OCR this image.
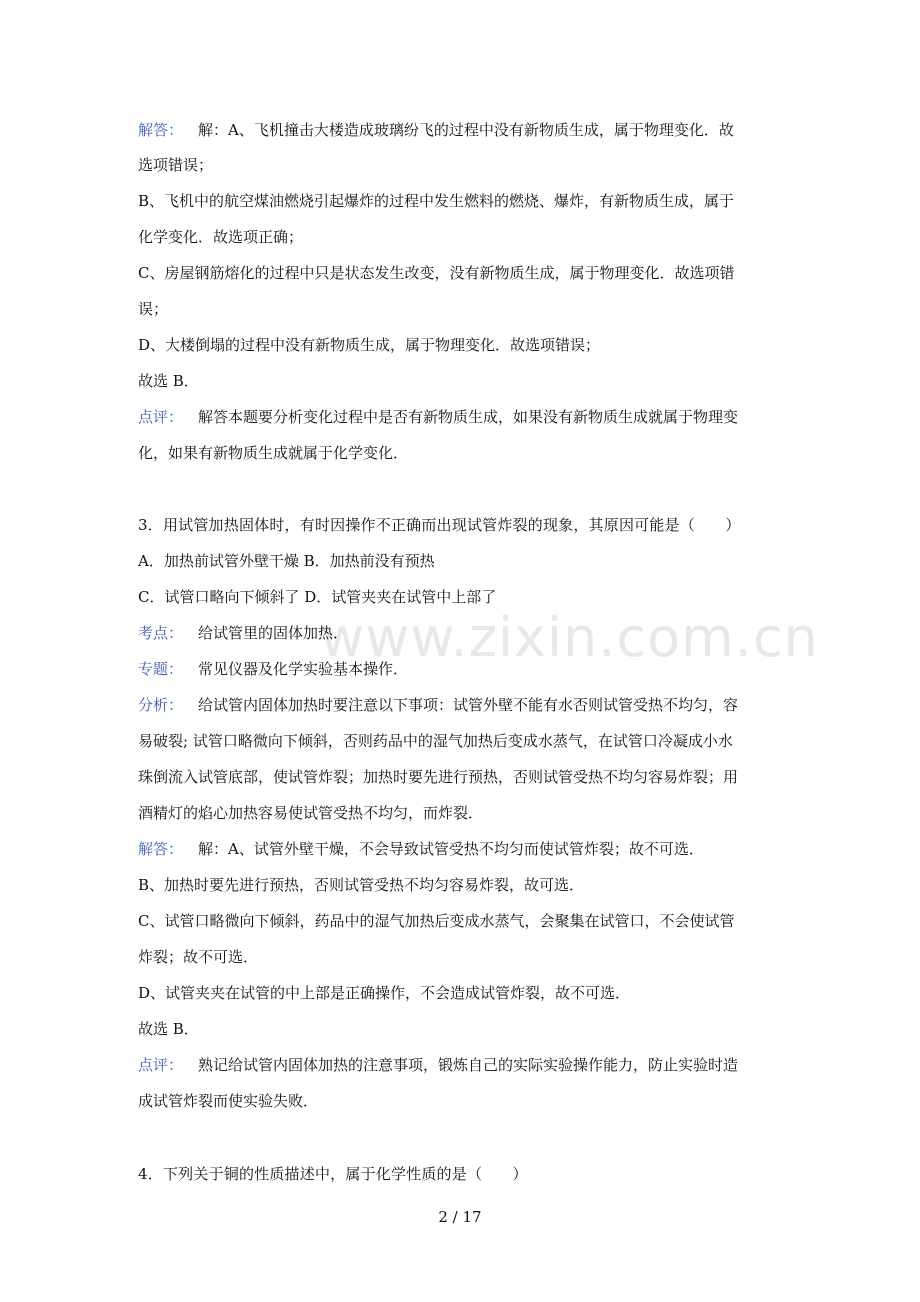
www.zixin.com.cn
解答： 解：A、飞机撞击大楼造成玻璃纷飞的过程中没有新物质生成，属于物理变化．故
选项错误；
B、飞机中的航空煤油燃烧引起爆炸的过程中发生燃料的燃烧、爆炸，有新物质生成，属于
化学变化．故选项正确；
C、房屋钢筋熔化的过程中只是状态发生改变，没有新物质生成，属于物理变化．故选项错
误；
D、大楼倒塌的过程中没有新物质生成，属于物理变化．故选项错误；
故选 B．
点评： 解答本题要分析变化过程中是否有新物质生成，如果没有新物质生成就属于物理变
化，如果有新物质生成就属于化学变化．
3．用试管加热固体时，有时因操作不正确而出现试管炸裂的现象，其原因可能是（　　）
A．加热前试管外壁干燥 B．加热前没有预热
C．试管口略向下倾斜了 D．试管夹夹在试管中上部了
考点： 给试管里的固体加热．
专题： 常见仪器及化学实验基本操作．
分析： 给试管内固体加热时要注意以下事项：试管外壁不能有水否则试管受热不均匀，容
易破裂; 试管口略微向下倾斜，否则药品中的湿气加热后变成水蒸气，在试管口冷凝成小水
珠倒流入试管底部，使试管炸裂；加热时要先进行预热，否则试管受热不均匀容易炸裂；用
酒精灯的焰心加热容易使试管受热不均匀，而炸裂．
解答： 解：A、试管外壁干燥，不会导致试管受热不均匀而使试管炸裂；故不可选．
B、加热时要先进行预热，否则试管受热不均匀容易炸裂，故可选．
C、试管口略微向下倾斜，药品中的湿气加热后变成水蒸气，会聚集在试管口，不会使试管
炸裂；故不可选．
D、试管夹夹在试管的中上部是正确操作，不会造成试管炸裂，故不可选．
故选 B．
点评： 熟记给试管内固体加热的注意事项，锻炼自己的实际实验操作能力，防止实验时造
成试管炸裂而使实验失败．
4．下列关于铜的性质描述中，属于化学性质的是（　　）
2 / 17
